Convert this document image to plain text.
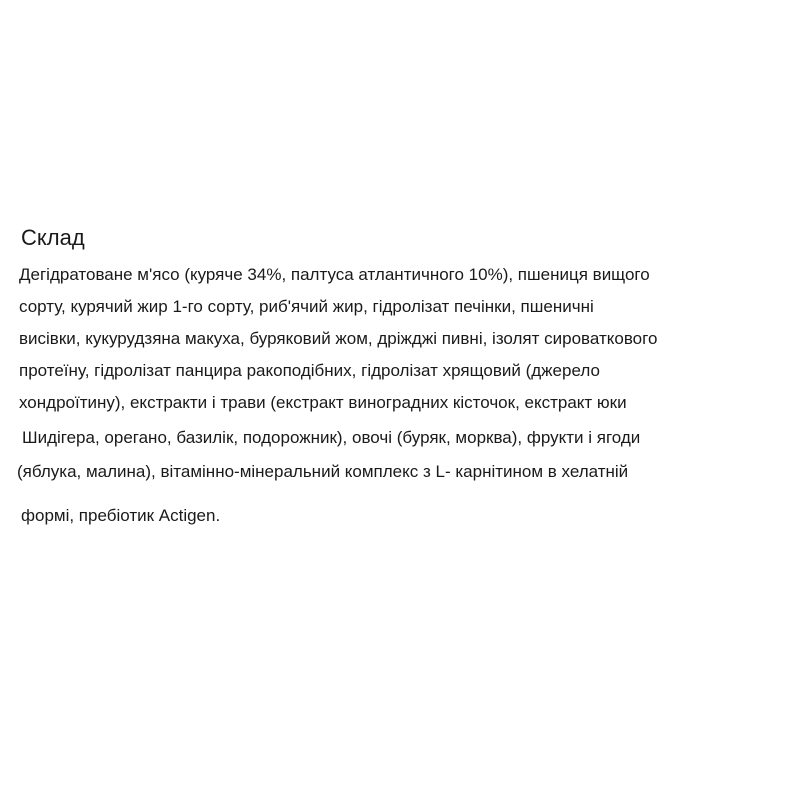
Склад
Дегідратоване м'ясо (куряче 34%, палтуса атлантичного 10%), пшениця вищого
сорту, курячий жир 1-го сорту, риб'ячий жир, гідролізат печінки, пшеничні
висівки, кукурудзяна макуха, буряковий жом, дріжджі пивні, ізолят сироваткового
протеїну, гідролізат панцира ракоподібних, гідролізат хрящовий (джерело
хондроїтину), екстракти і трави (екстракт виноградних кісточок, екстракт юки
Шидігера, орегано, базилік, подорожник), овочі (буряк, морква), фрукти і ягоди
(яблука, малина), вітамінно-мінеральний комплекс з L- карнітином в хелатній
формі, пребіотик Actigen.
